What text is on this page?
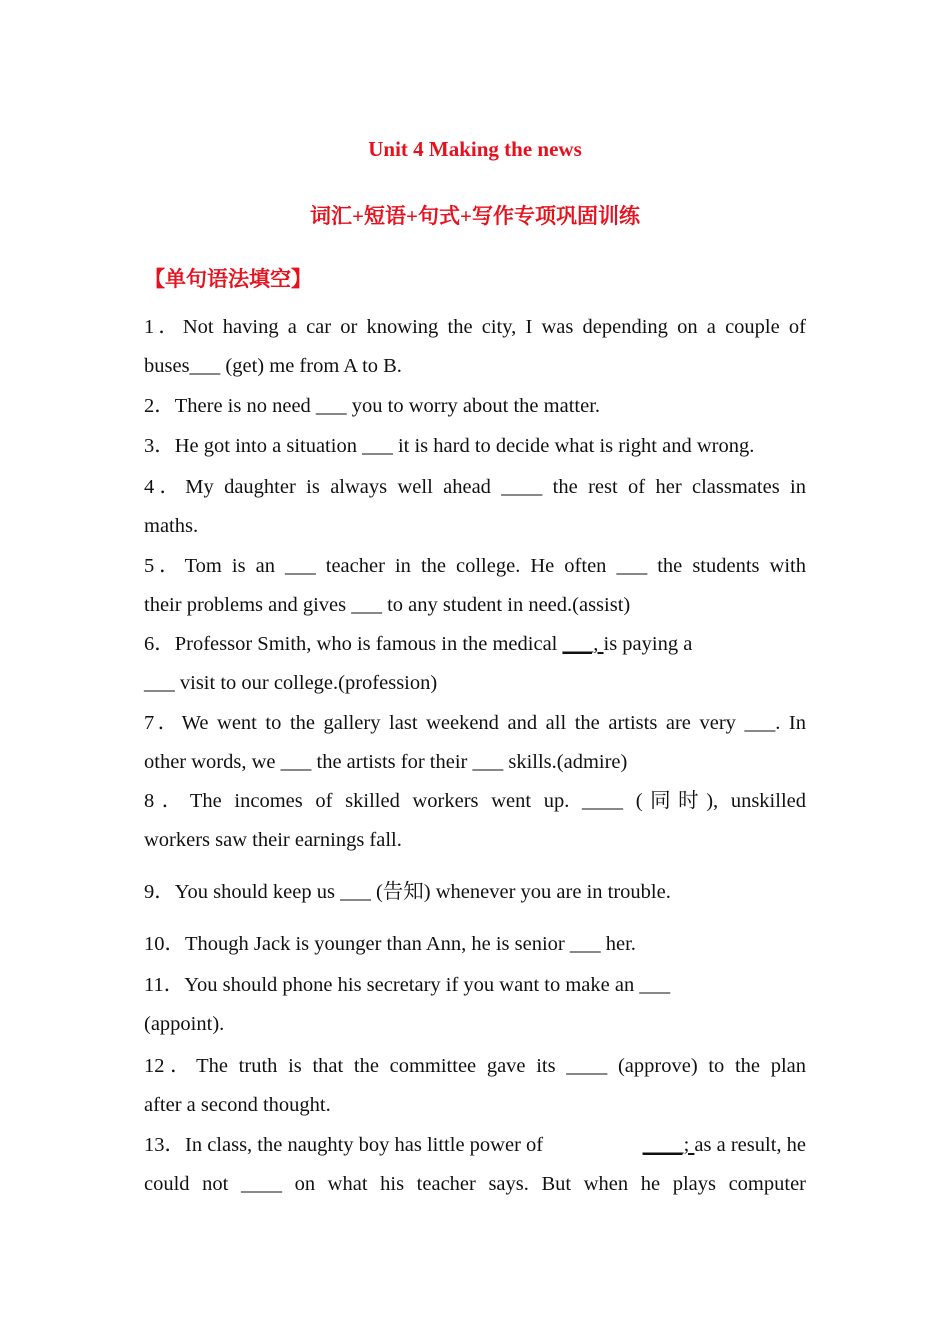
Unit 4 Making the news
词汇+短语+句式+写作专项巩固训练
【单句语法填空】
1．Not having a car or knowing the city, I was depending on a couple of
buses___ (get) me from A to B.
2．There is no need ___ you to worry about the matter.
3．He got into a situation ___ it is hard to decide what is right and wrong.
4．My daughter is always well ahead ____ the rest of her classmates in
maths.
5．Tom is an ___ teacher in the college. He often ___ the students with
their problems and gives ___ to any student in need.(assist)
6．Professor Smith, who is famous in the medical ___, is paying a
___ visit to our college.(profession)
7．We went to the gallery last weekend and all the artists are very ___. In
other words, we ___ the artists for their ___ skills.(admire)
8．The incomes of skilled workers went up. ____ (同时), unskilled
workers saw their earnings fall.
9．You should keep us ___ (告知) whenever you are in trouble.
10．Though Jack is younger than Ann, he is senior ___ her.
11．You should phone his secretary if you want to make an ___
(appoint).
12．The truth is that the committee gave its ____ (approve) to the plan
after a second thought.
13．In class, the naughty boy has little power of	____; as a result, he
could not ____ on what his teacher says. But when he plays computer
